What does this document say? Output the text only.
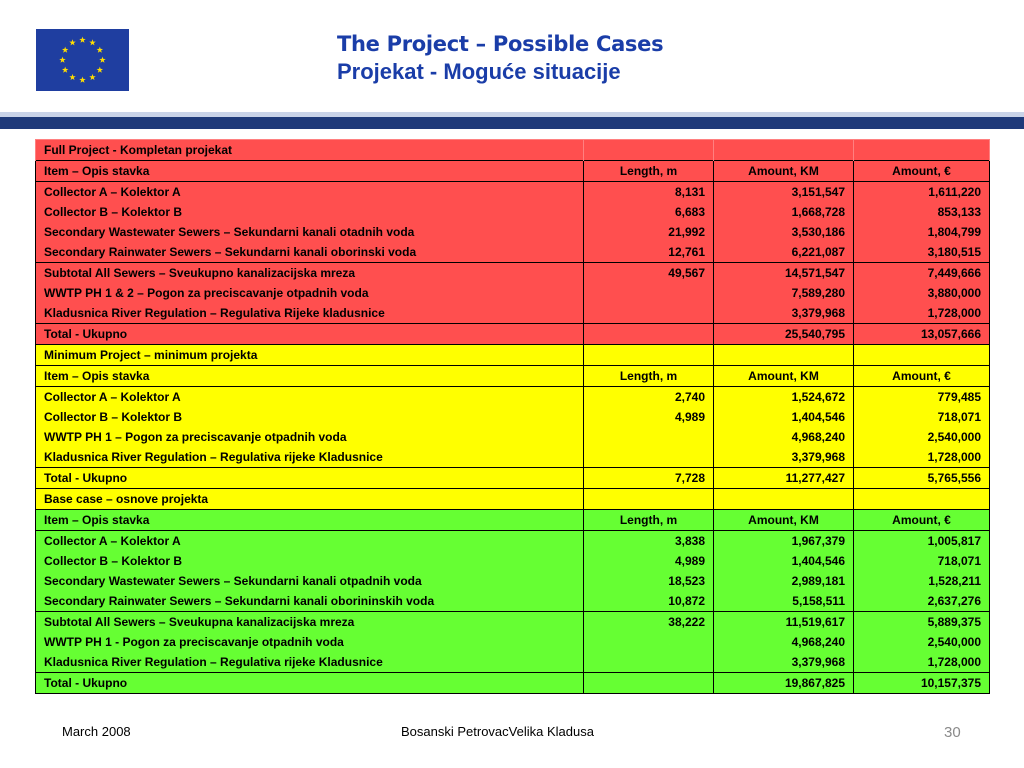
The Project – Possible Cases
Projekat - Moguće situacije
Full Project - Kompletan projekat			
Item – Opis stavka	Length, m	Amount, KM	Amount, €
Collector A – Kolektor A	8,131	3,151,547	1,611,220
Collector B – Kolektor B	6,683	1,668,728	853,133
Secondary Wastewater Sewers – Sekundarni kanali otadnih voda	21,992	3,530,186	1,804,799
Secondary Rainwater Sewers – Sekundarni kanali oborinski voda	12,761	6,221,087	3,180,515
Subtotal All Sewers – Sveukupno kanalizacijska mreza	49,567	14,571,547	7,449,666
WWTP PH 1 & 2 – Pogon za preciscavanje otpadnih voda		7,589,280	3,880,000
Kladusnica River Regulation – Regulativa Rijeke kladusnice		3,379,968	1,728,000
Total - Ukupno		25,540,795	13,057,666
Minimum Project – minimum projekta			
Item – Opis stavka	Length, m	Amount, KM	Amount, €
Collector A – Kolektor A	2,740	1,524,672	779,485
Collector B – Kolektor B	4,989	1,404,546	718,071
WWTP PH 1 – Pogon za preciscavanje otpadnih voda		4,968,240	2,540,000
Kladusnica River Regulation – Regulativa rijeke Kladusnice		3,379,968	1,728,000
Total - Ukupno	7,728	11,277,427	5,765,556
Base case – osnove projekta			
Item – Opis stavka	Length, m	Amount, KM	Amount, €
Collector A – Kolektor A	3,838	1,967,379	1,005,817
Collector B – Kolektor B	4,989	1,404,546	718,071
Secondary Wastewater Sewers – Sekundarni kanali otpadnih voda	18,523	2,989,181	1,528,211
Secondary Rainwater Sewers – Sekundarni kanali oborininskih voda	10,872	5,158,511	2,637,276
Subtotal All Sewers – Sveukupna kanalizacijska mreza	38,222	11,519,617	5,889,375
WWTP PH 1 - Pogon za preciscavanje otpadnih voda		4,968,240	2,540,000
Kladusnica River Regulation – Regulativa rijeke Kladusnice		3,379,968	1,728,000
Total - Ukupno		19,867,825	10,157,375
March 2008	Bosanski PetrovacVelika Kladusa	30
